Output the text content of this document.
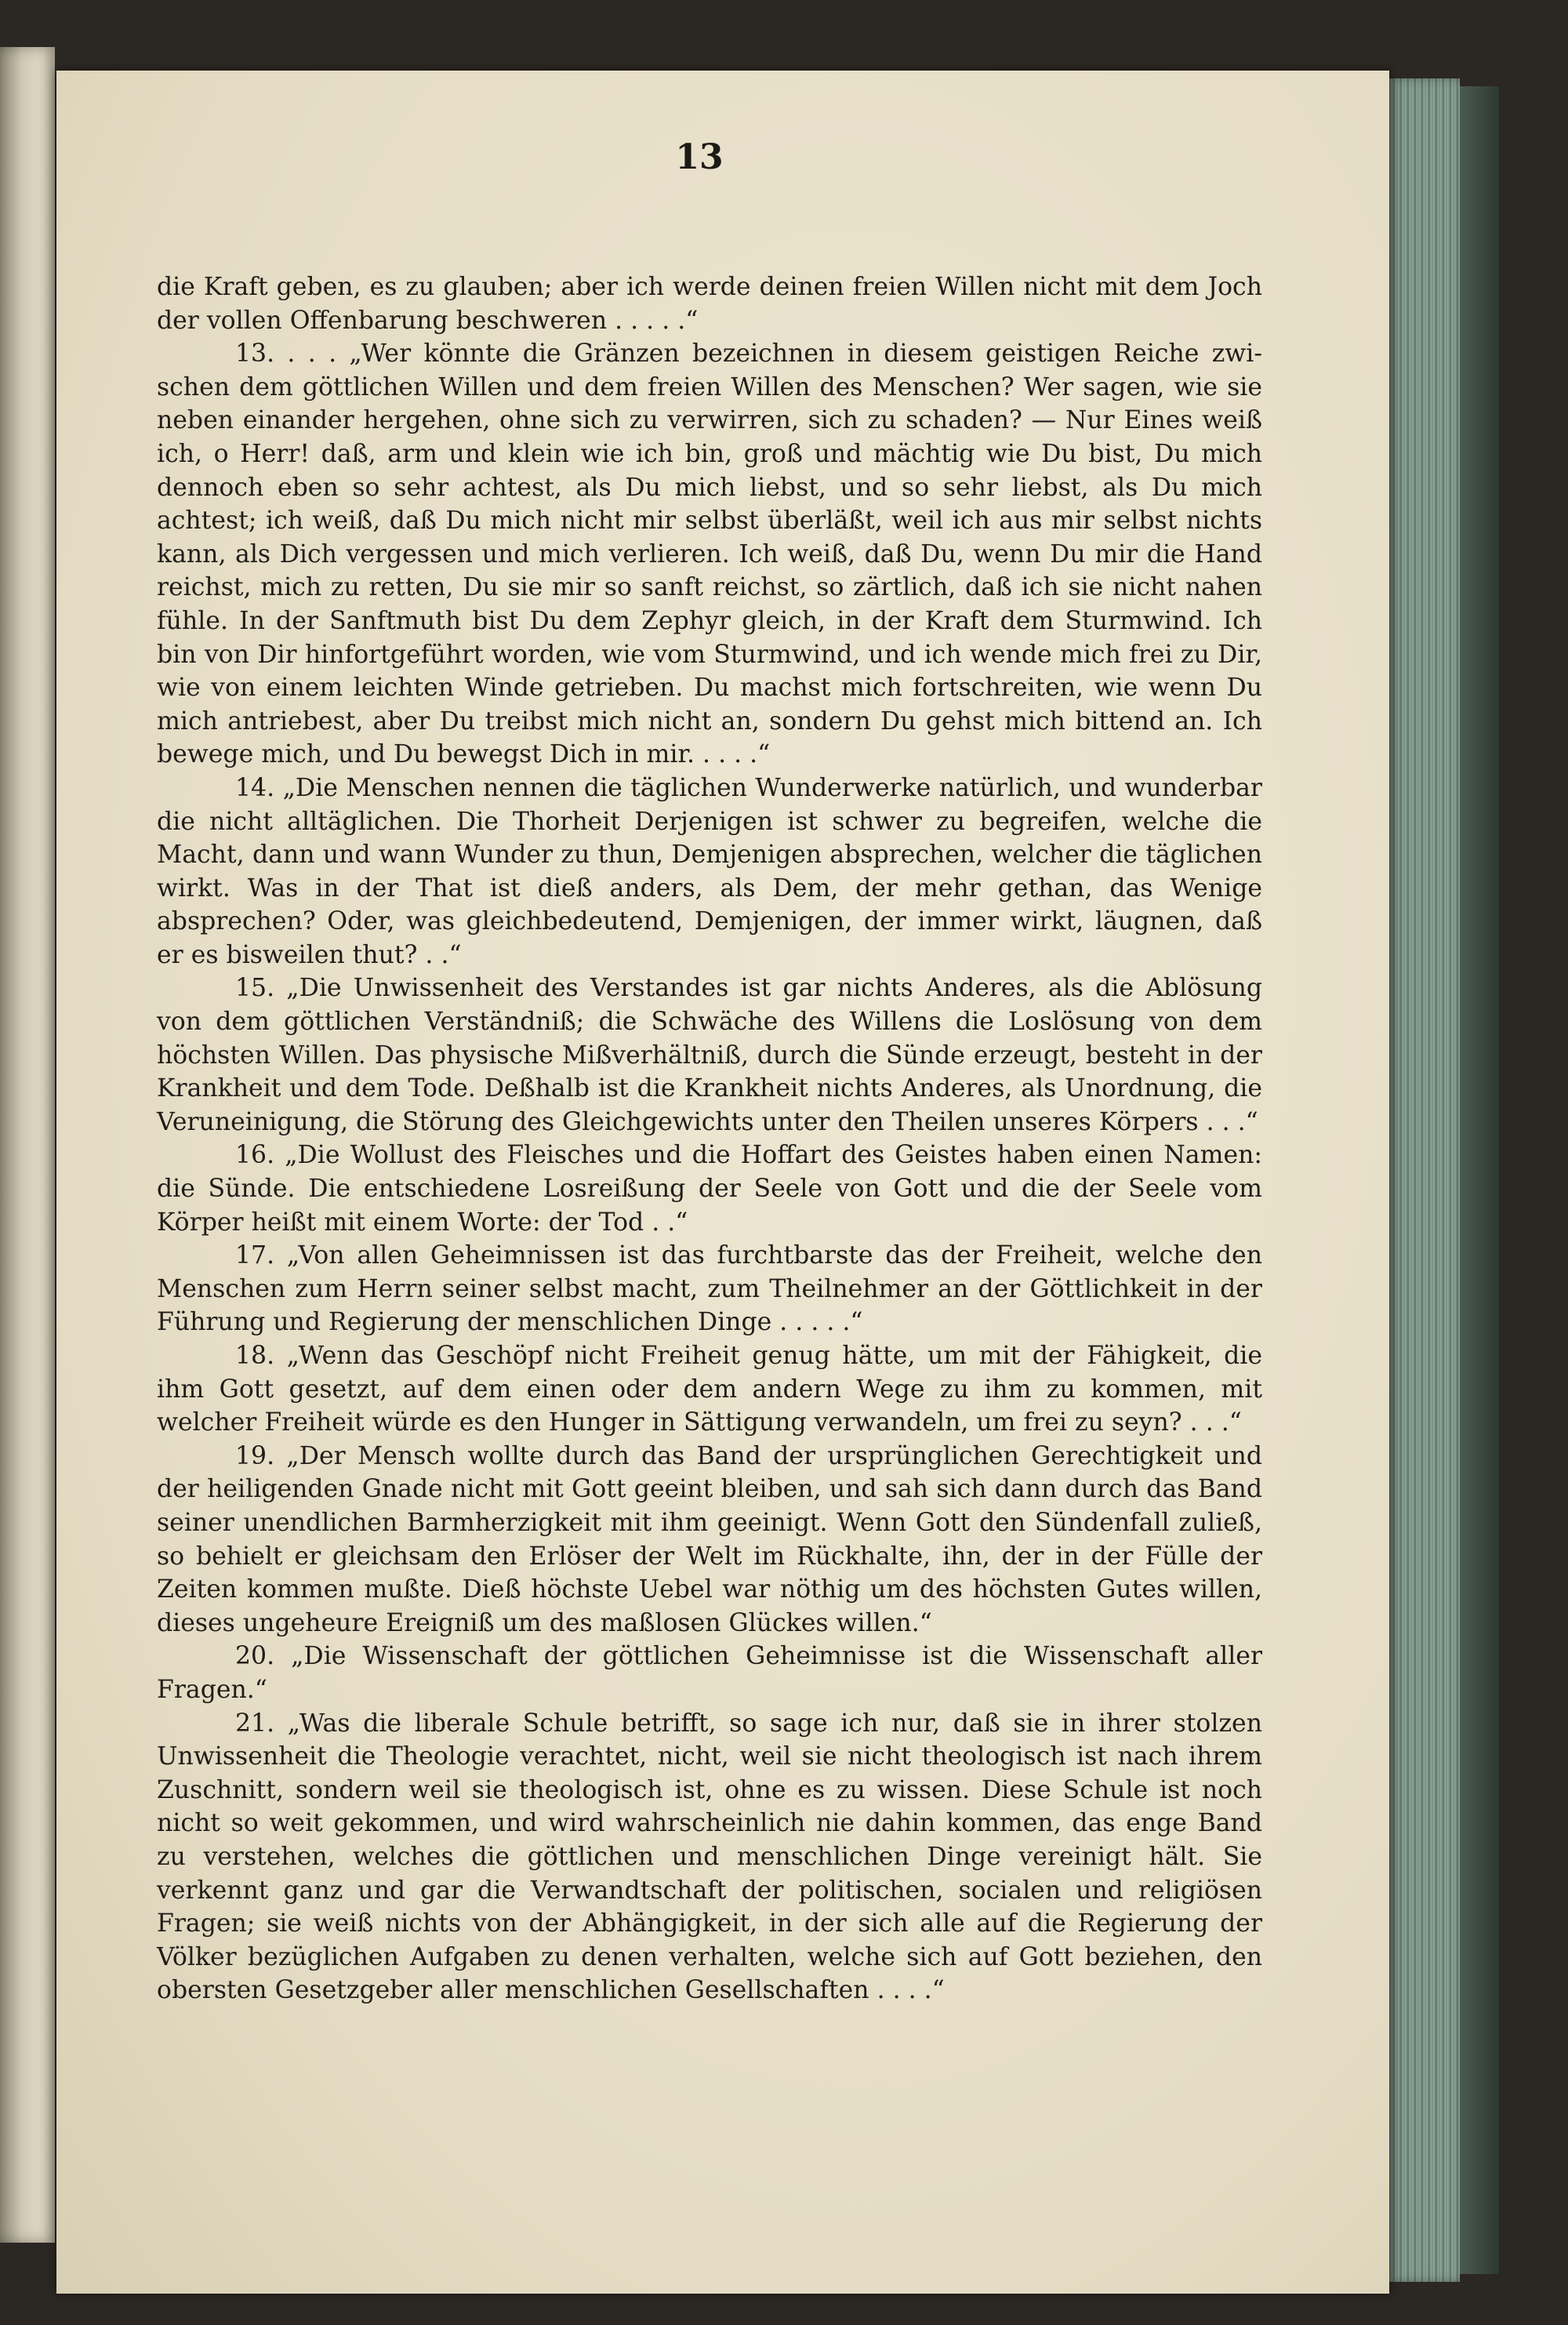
13

die Kraft geben, es zu glauben; aber ich werde deinen freien Willen nicht mit dem Joch der vollen Offenbarung beschweren . . . . .“

13. . . . „Wer könnte die Gränzen bezeichnen in diesem geistigen Reiche zwischen dem göttlichen Willen und dem freien Willen des Menschen? Wer sagen, wie sie neben einander hergehen, ohne sich zu verwirren, sich zu schaden? — Nur Eines weiß ich, o Herr! daß, arm und klein wie ich bin, groß und mächtig wie Du bist, Du mich dennoch eben so sehr achtest, als Du mich liebst, und so sehr liebst, als Du mich achtest; ich weiß, daß Du mich nicht mir selbst überläßt, weil ich aus mir selbst nichts kann, als Dich vergessen und mich verlieren. Ich weiß, daß Du, wenn Du mir die Hand reichst, mich zu retten, Du sie mir so sanft reichst, so zärtlich, daß ich sie nicht nahen fühle. In der Sanftmuth bist Du dem Zephyr gleich, in der Kraft dem Sturmwind. Ich bin von Dir hinfortgeführt worden, wie vom Sturmwind, und ich wende mich frei zu Dir, wie von einem leichten Winde getrieben. Du machst mich fortschreiten, wie wenn Du mich antriebest, aber Du treibst mich nicht an, sondern Du gehst mich bittend an. Ich bewege mich, und Du bewegst Dich in mir. . . . .“

14. „Die Menschen nennen die täglichen Wunderwerke natürlich, und wunderbar die nicht alltäglichen. Die Thorheit Derjenigen ist schwer zu begreifen, welche die Macht, dann und wann Wunder zu thun, Demjenigen absprechen, welcher die täglichen wirkt. Was in der That ist dieß anders, als Dem, der mehr gethan, das Wenige absprechen? Oder, was gleichbedeutend, Demjenigen, der immer wirkt, läugnen, daß er es bisweilen thut? . .“

15. „Die Unwissenheit des Verstandes ist gar nichts Anderes, als die Ablösung von dem göttlichen Verständniß; die Schwäche des Willens die Loslösung von dem höchsten Willen. Das physische Mißverhältniß, durch die Sünde erzeugt, besteht in der Krankheit und dem Tode. Deßhalb ist die Krankheit nichts Anderes, als Unordnung, die Veruneinigung, die Störung des Gleichgewichts unter den Theilen unseres Körpers . . .“

16. „Die Wollust des Fleisches und die Hoffart des Geistes haben einen Namen: die Sünde. Die entschiedene Losreißung der Seele von Gott und die der Seele vom Körper heißt mit einem Worte: der Tod . .“

17. „Von allen Geheimnissen ist das furchtbarste das der Freiheit, welche den Menschen zum Herrn seiner selbst macht, zum Theilnehmer an der Göttlichkeit in der Führung und Regierung der menschlichen Dinge . . . . .“

18. „Wenn das Geschöpf nicht Freiheit genug hätte, um mit der Fähigkeit, die ihm Gott gesetzt, auf dem einen oder dem andern Wege zu ihm zu kommen, mit welcher Freiheit würde es den Hunger in Sättigung verwandeln, um frei zu seyn? . . .“

19. „Der Mensch wollte durch das Band der ursprünglichen Gerechtigkeit und der heiligenden Gnade nicht mit Gott geeint bleiben, und sah sich dann durch das Band seiner unendlichen Barmherzigkeit mit ihm geeinigt. Wenn Gott den Sündenfall zuließ, so behielt er gleichsam den Erlöser der Welt im Rückhalte, ihn, der in der Fülle der Zeiten kommen mußte. Dieß höchste Uebel war nöthig um des höchsten Gutes willen, dieses ungeheure Ereigniß um des maßlosen Glückes willen.“

20. „Die Wissenschaft der göttlichen Geheimnisse ist die Wissenschaft aller Fragen.“

21. „Was die liberale Schule betrifft, so sage ich nur, daß sie in ihrer stolzen Unwissenheit die Theologie verachtet, nicht, weil sie nicht theologisch ist nach ihrem Zuschnitt, sondern weil sie theologisch ist, ohne es zu wissen. Diese Schule ist noch nicht so weit gekommen, und wird wahrscheinlich nie dahin kommen, das enge Band zu verstehen, welches die göttlichen und menschlichen Dinge vereinigt hält. Sie verkennt ganz und gar die Verwandtschaft der politischen, socialen und religiösen Fragen; sie weiß nichts von der Abhängigkeit, in der sich alle auf die Regierung der Völker bezüglichen Aufgaben zu denen verhalten, welche sich auf Gott beziehen, den obersten Gesetzgeber aller menschlichen Gesellschaften . . . .“
